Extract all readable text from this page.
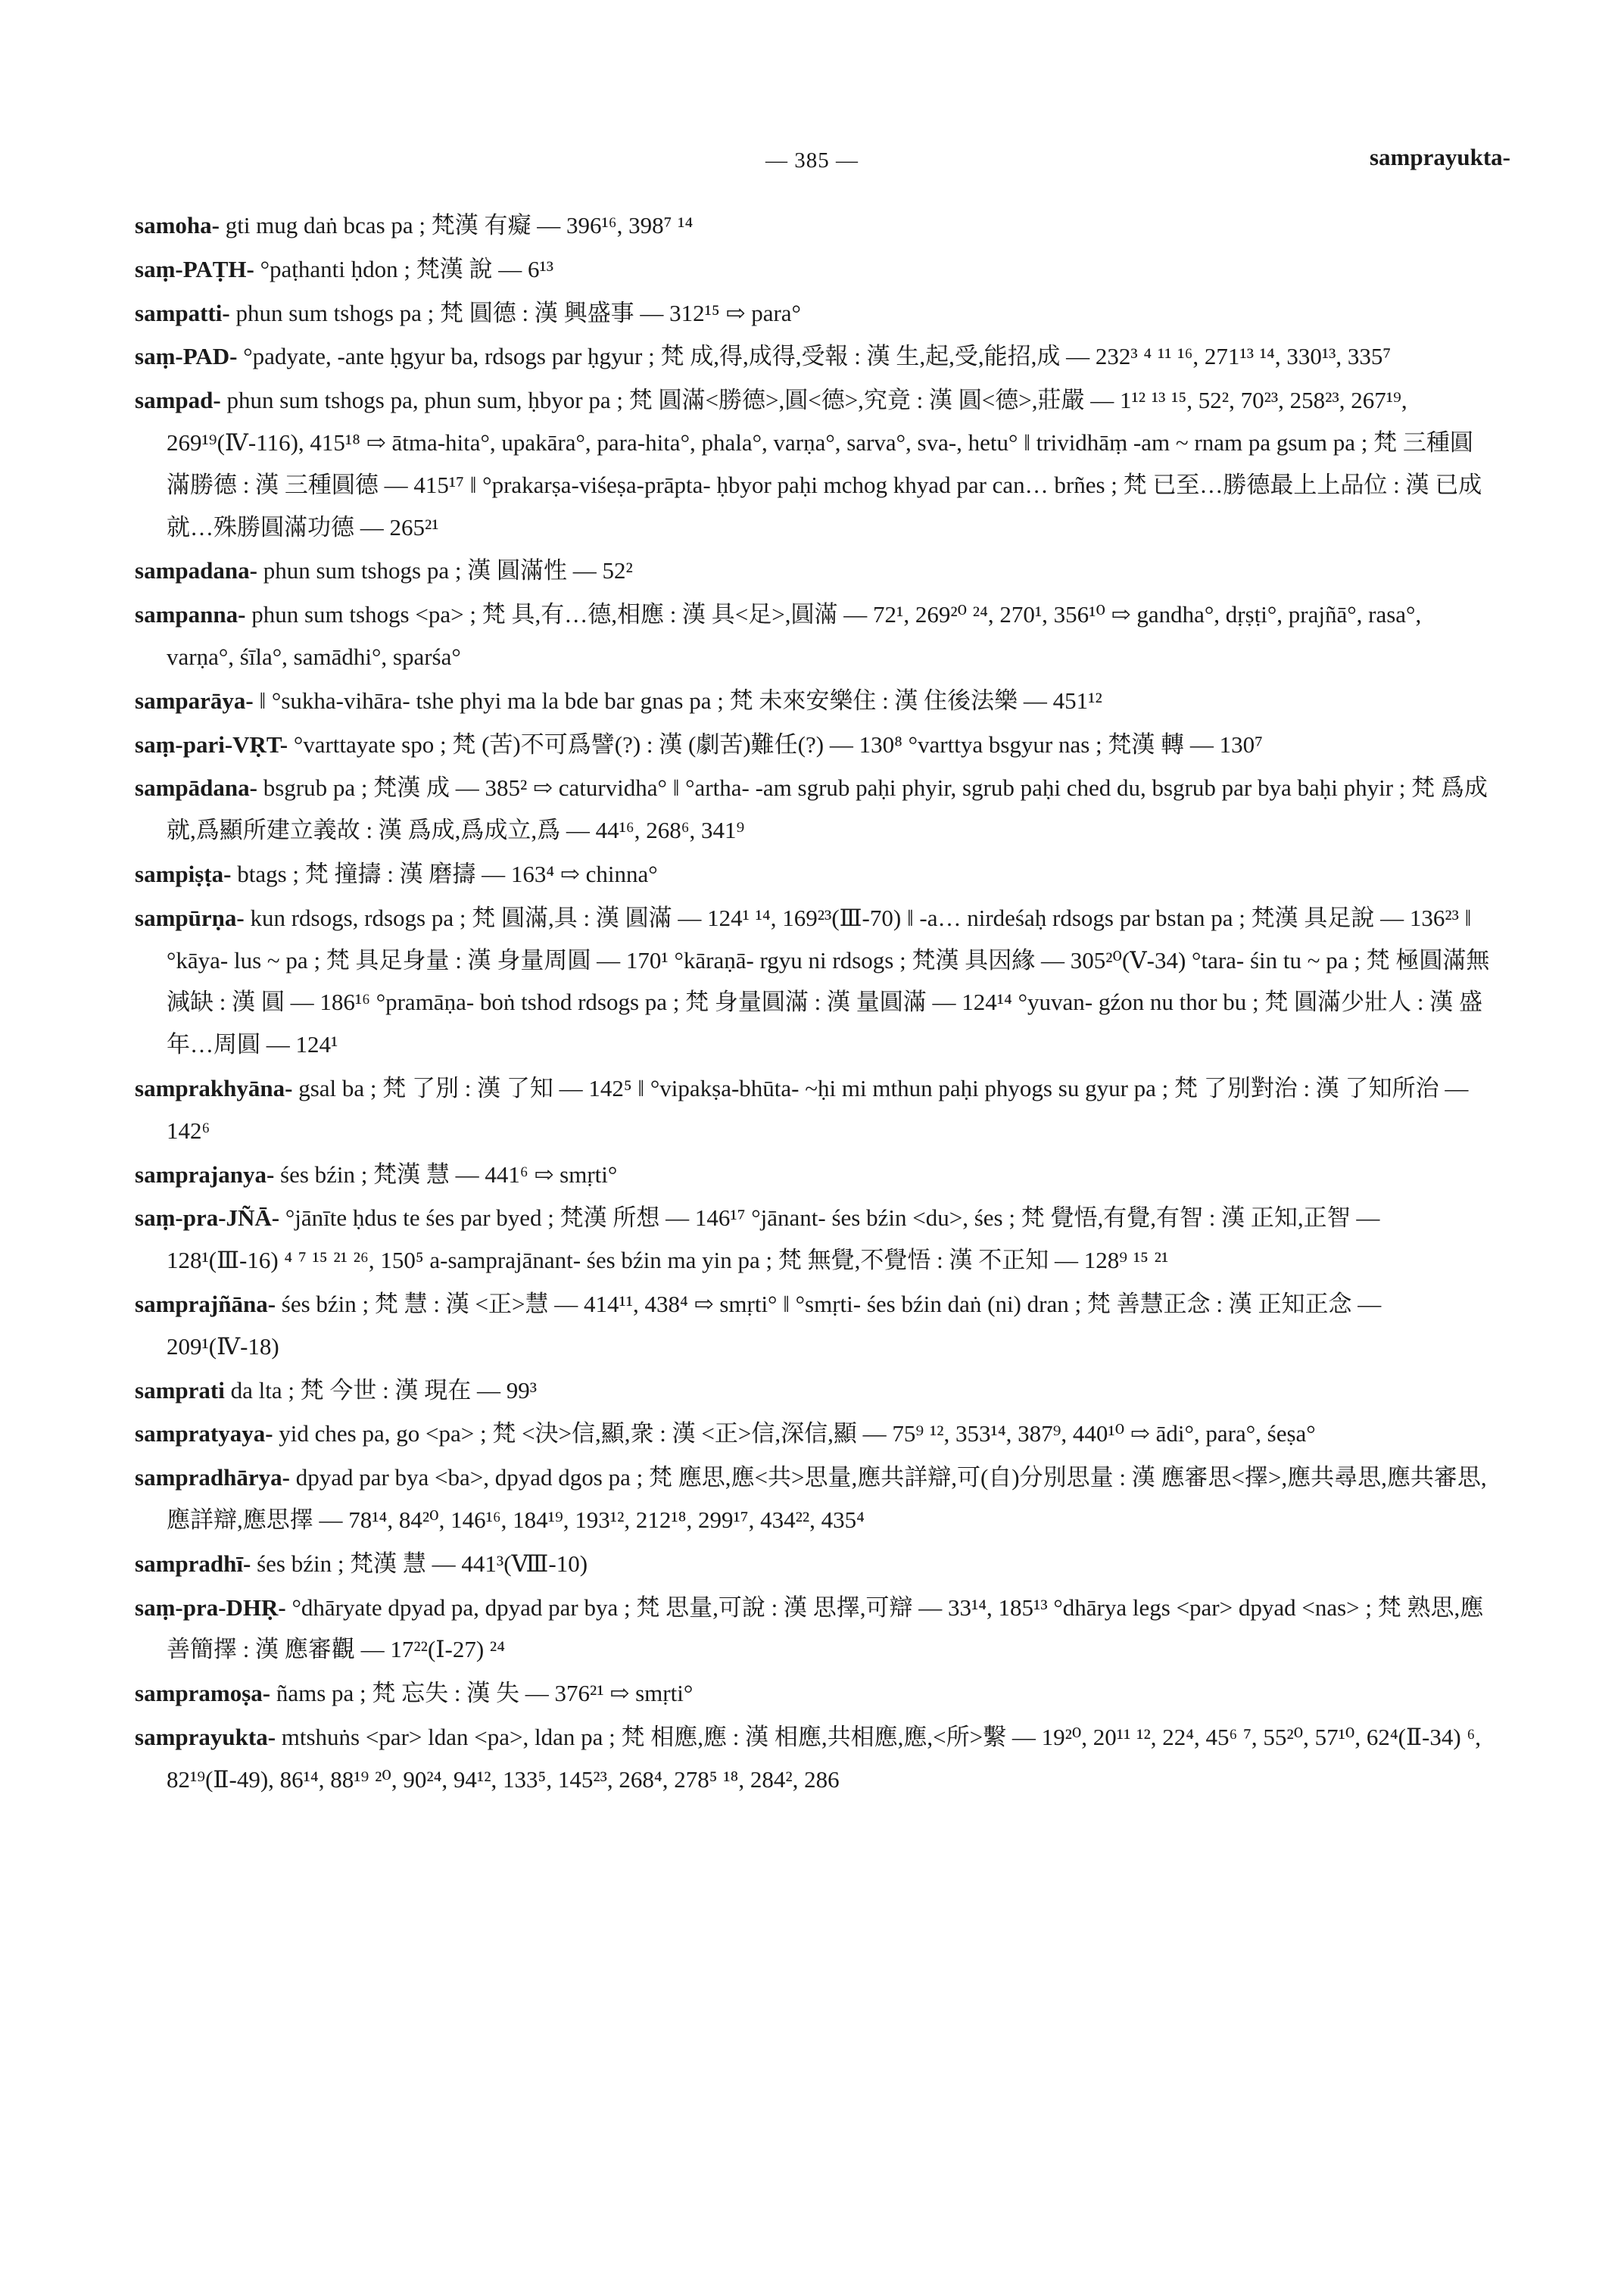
— 385 —	samprayukta-

samoha- gti mug daṅ bcas pa ; 梵漢 有癡 — 396¹⁶, 398⁷ ¹⁴

saṃ-PAṬH- °paṭhanti ḥdon ; 梵漢 說 — 6¹³

sampatti- phun sum tshogs pa ; 梵 圓德 : 漢 興盛事 — 312¹⁵ ⇨ para°

saṃ-PAD- °padyate, -ante ḥgyur ba, rdsogs par ḥgyur ; 梵 成,得,成得,受報 : 漢 生,起,受,能招,成 — 232³ ⁴ ¹¹ ¹⁶, 271¹³ ¹⁴, 330¹³, 335⁷

sampad- phun sum tshogs pa, phun sum, ḥbyor pa ; 梵 圓滿<勝德>,圓<德>,究竟 : 漢 圓<德>,莊嚴 — 1¹² ¹³ ¹⁵, 52², 70²³, 258²³, 267¹⁹, 269¹⁹(Ⅳ-116), 415¹⁸ ⇨ ātma-hita°, upakāra°, para-hita°, phala°, varṇa°, sarva°, sva-, hetu° ‖ trividhāṃ -am ~ rnam pa gsum pa ; 梵 三種圓滿勝德 : 漢 三種圓德 — 415¹⁷ ‖ °prakarṣa-viśeṣa-prāpta- ḥbyor paḥi mchog khyad par can… brñes ; 梵 已至…勝德最上上品位 : 漢 已成就…殊勝圓滿功德 — 265²¹

sampadana- phun sum tshogs pa ; 漢 圓滿性 — 52²

sampanna- phun sum tshogs <pa> ; 梵 具,有…德,相應 : 漢 具<足>,圓滿 — 72¹, 269²⁰ ²⁴, 270¹, 356¹⁰ ⇨ gandha°, dṛṣṭi°, prajñā°, rasa°, varṇa°, śīla°, samādhi°, sparśa°

samparāya- ‖ °sukha-vihāra- tshe phyi ma la bde bar gnas pa ; 梵 未來安樂住 : 漢 住後法樂 — 451¹²

saṃ-pari-VṚT- °varttayate spo ; 梵 (苦)不可爲譬(?) : 漢 (劇苦)難任(?) — 130⁸ °varttya bsgyur nas ; 梵漢 轉 — 130⁷

sampādana- bsgrub pa ; 梵漢 成 — 385² ⇨ caturvidha° ‖ °artha- -am sgrub paḥi phyir, sgrub paḥi ched du, bsgrub par bya baḥi phyir ; 梵 爲成就,爲顯所建立義故 : 漢 爲成,爲成立,爲 — 44¹⁶, 268⁶, 341⁹

sampiṣṭa- btags ; 梵 撞擣 : 漢 磨擣 — 163⁴ ⇨ chinna°

sampūrṇa- kun rdsogs, rdsogs pa ; 梵 圓滿,具 : 漢 圓滿 — 124¹ ¹⁴, 169²³(Ⅲ-70) ‖ -a… nirdeśaḥ rdsogs par bstan pa ; 梵漢 具足說 — 136²³ ‖ °kāya- lus ~ pa ; 梵 具足身量 : 漢 身量周圓 — 170¹ °kāraṇā- rgyu ni rdsogs ; 梵漢 具因緣 — 305²⁰(Ⅴ-34) °tara- śin tu ~ pa ; 梵 極圓滿無減缺 : 漢 圓 — 186¹⁶ °pramāṇa- boṅ tshod rdsogs pa ; 梵 身量圓滿 : 漢 量圓滿 — 124¹⁴ °yuvan- gźon nu thor bu ; 梵 圓滿少壯人 : 漢 盛年…周圓 — 124¹

samprakhyāna- gsal ba ; 梵 了別 : 漢 了知 — 142⁵ ‖ °vipakṣa-bhūta- ~ḥi mi mthun paḥi phyogs su gyur pa ; 梵 了別對治 : 漢 了知所治 — 142⁶

samprajanya- śes bźin ; 梵漢 慧 — 441⁶ ⇨ smṛti°

saṃ-pra-JÑĀ- °jānīte ḥdus te śes par byed ; 梵漢 所想 — 146¹⁷ °jānant- śes bźin <du>, śes ; 梵 覺悟,有覺,有智 : 漢 正知,正智 — 128¹(Ⅲ-16) ⁴ ⁷ ¹⁵ ²¹ ²⁶, 150⁵ a-samprajānant- śes bźin ma yin pa ; 梵 無覺,不覺悟 : 漢 不正知 — 128⁹ ¹⁵ ²¹

samprajñāna- śes bźin ; 梵 慧 : 漢 <正>慧 — 414¹¹, 438⁴ ⇨ smṛti° ‖ °smṛti- śes bźin daṅ (ni) dran ; 梵 善慧正念 : 漢 正知正念 — 209¹(Ⅳ-18)

samprati da lta ; 梵 今世 : 漢 現在 — 99³

sampratyaya- yid ches pa, go <pa> ; 梵 <決>信,顯,衆 : 漢 <正>信,深信,顯 — 75⁹ ¹², 353¹⁴, 387⁹, 440¹⁰ ⇨ ādi°, para°, śeṣa°

sampradhārya- dpyad par bya <ba>, dpyad dgos pa ; 梵 應思,應<共>思量,應共詳辯,可(自)分別思量 : 漢 應審思<擇>,應共尋思,應共審思,應詳辯,應思擇 — 78¹⁴, 84²⁰, 146¹⁶, 184¹⁹, 193¹², 212¹⁸, 299¹⁷, 434²², 435⁴

sampradhī- śes bźin ; 梵漢 慧 — 441³(Ⅷ-10)

saṃ-pra-DHṚ- °dhāryate dpyad pa, dpyad par bya ; 梵 思量,可說 : 漢 思擇,可辯 — 33¹⁴, 185¹³ °dhārya legs <par> dpyad <nas> ; 梵 熟思,應善簡擇 : 漢 應審觀 — 17²²(Ⅰ-27) ²⁴

sampramoṣa- ñams pa ; 梵 忘失 : 漢 失 — 376²¹ ⇨ smṛti°

samprayukta- mtshuṅs <par> ldan <pa>, ldan pa ; 梵 相應,應 : 漢 相應,共相應,應,<所>繫 — 19²⁰, 20¹¹ ¹², 22⁴, 45⁶ ⁷, 55²⁰, 57¹⁰, 62⁴(Ⅱ-34) ⁶, 82¹⁹(Ⅱ-49), 86¹⁴, 88¹⁹ ²⁰, 90²⁴, 94¹², 133⁵, 145²³, 268⁴, 278⁵ ¹⁸, 284², 286
